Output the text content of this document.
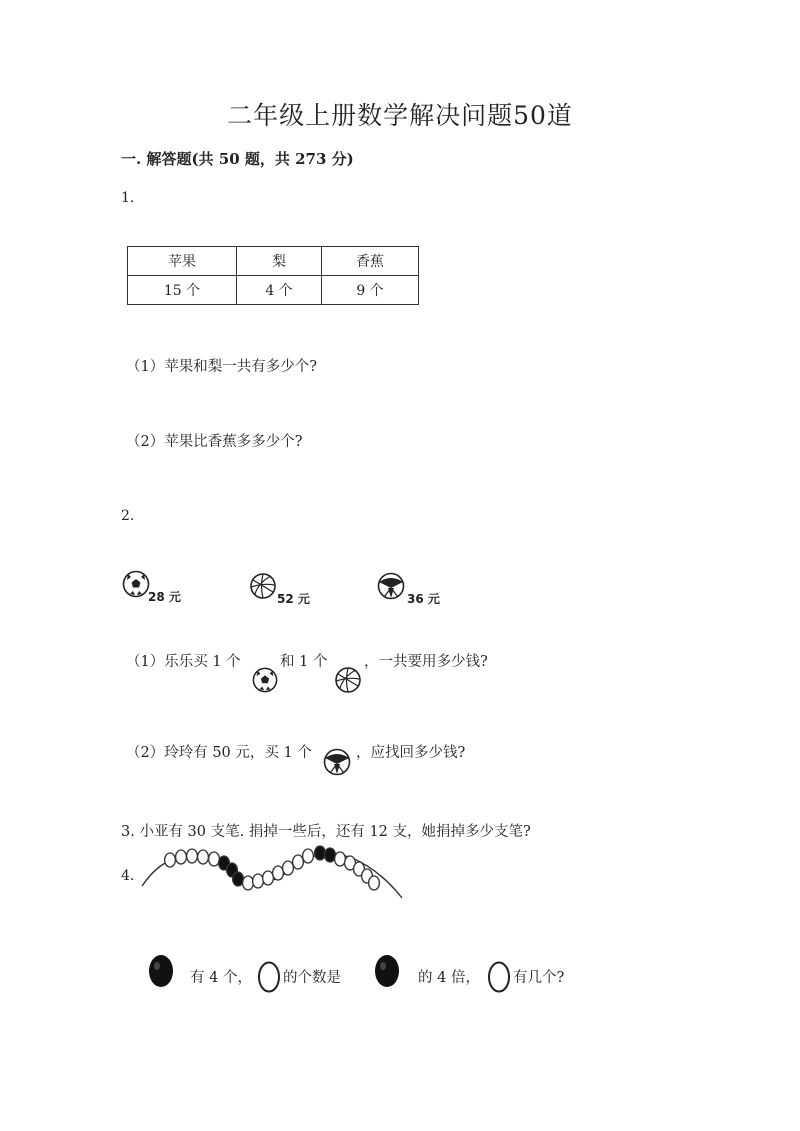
二年级上册数学解决问题50道
一. 解答题(共 50 题，共 273 分)
1.
苹果	梨	香蕉
15 个	4 个	9 个
（1）苹果和梨一共有多少个?
（2）苹果比香蕉多多少个?
2.
28 元	52 元	36 元
（1）乐乐买 1 个	和 1 个	，一共要用多少钱?
（2）玲玲有 50 元，买 1 个	，应找回多少钱?
3. 小亚有 30 支笔. 捐掉一些后，还有 12 支，她捐掉多少支笔?
4.
有 4 个， 的个数是	的 4 倍， 有几个?
